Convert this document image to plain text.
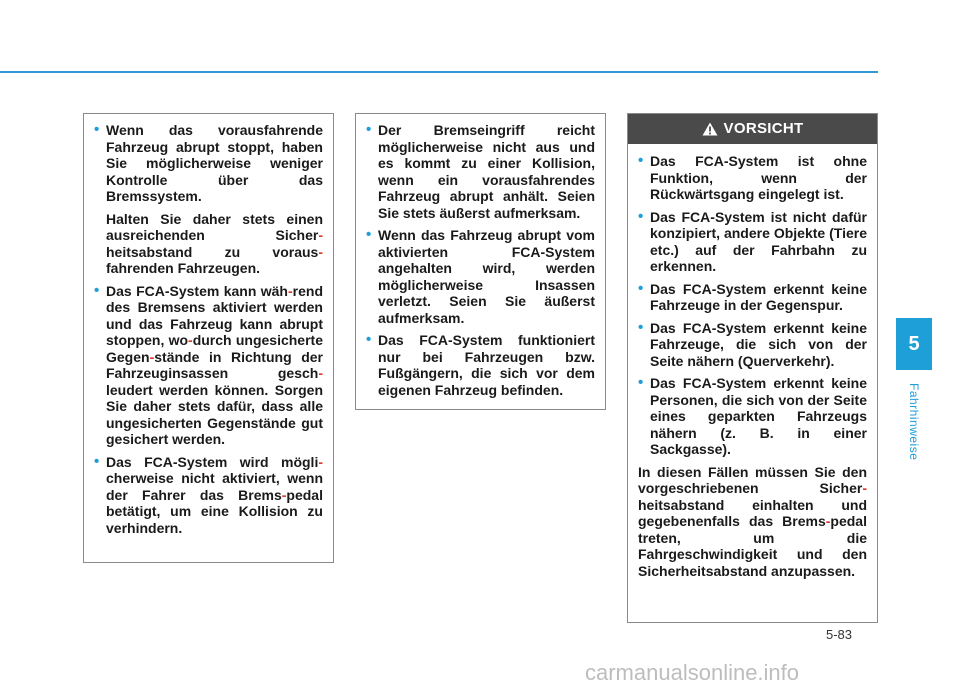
• Wenn das vorausfahrende Fahrzeug abrupt stoppt, haben Sie möglicherweise weniger Kontrolle über das Bremssystem.
Halten Sie daher stets einen ausreichenden Sicher-heitsabstand zu voraus-fahrenden Fahrzeugen.
• Das FCA-System kann wäh-rend des Bremsens aktiviert werden und das Fahrzeug kann abrupt stoppen, wo-durch ungesicherte Gegen-stände in Richtung der Fahrzeuginsassen gesch-leudert werden können. Sorgen Sie daher stets dafür, dass alle ungesicherten Gegenstände gut gesichert werden.
• Das FCA-System wird mögli-cherweise nicht aktiviert, wenn der Fahrer das Brems-pedal betätigt, um eine Kollision zu verhindern.
• Der Bremseingriff reicht möglicherweise nicht aus und es kommt zu einer Kollision, wenn ein vorausfahrendes Fahrzeug abrupt anhält. Seien Sie stets äußerst aufmerksam.
• Wenn das Fahrzeug abrupt vom aktivierten FCA-System angehalten wird, werden möglicherweise Insassen verletzt. Seien Sie äußerst aufmerksam.
• Das FCA-System funktioniert nur bei Fahrzeugen bzw. Fußgängern, die sich vor dem eigenen Fahrzeug befinden.
VORSICHT
• Das FCA-System ist ohne Funktion, wenn der Rückwärtsgang eingelegt ist.
• Das FCA-System ist nicht dafür konzipiert, andere Objekte (Tiere etc.) auf der Fahrbahn zu erkennen.
• Das FCA-System erkennt keine Fahrzeuge in der Gegenspur.
• Das FCA-System erkennt keine Fahrzeuge, die sich von der Seite nähern (Querverkehr).
• Das FCA-System erkennt keine Personen, die sich von der Seite eines geparkten Fahrzeugs nähern (z. B. in einer Sackgasse).
In diesen Fällen müssen Sie den vorgeschriebenen Sicher-heitsabstand einhalten und gegebenenfalls das Brems-pedal treten, um die Fahrgeschwindigkeit und den Sicherheitsabstand anzupassen.
5
Fahrhinweise
5-83
carmanualsonline.info
